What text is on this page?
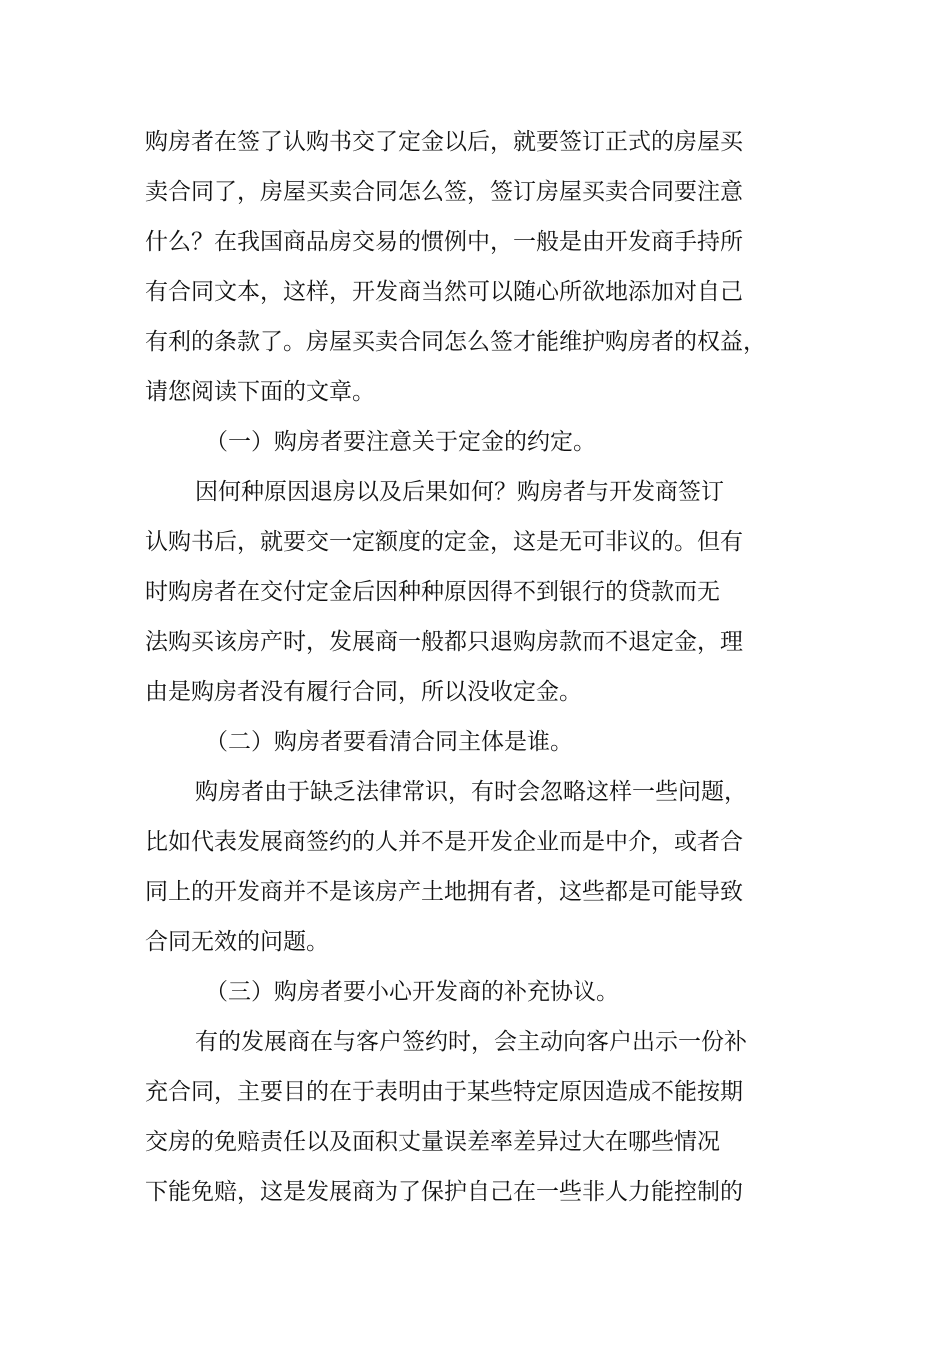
购房者在签了认购书交了定金以后，就要签订正式的房屋买
卖合同了，房屋买卖合同怎么签，签订房屋买卖合同要注意
什么？在我国商品房交易的惯例中，一般是由开发商手持所
有合同文本，这样，开发商当然可以随心所欲地添加对自己
有利的条款了。房屋买卖合同怎么签才能维护购房者的权益，
请您阅读下面的文章。
（一）购房者要注意关于定金的约定。
因何种原因退房以及后果如何？购房者与开发商签订
认购书后，就要交一定额度的定金，这是无可非议的。但有
时购房者在交付定金后因种种原因得不到银行的贷款而无
法购买该房产时，发展商一般都只退购房款而不退定金，理
由是购房者没有履行合同，所以没收定金。
（二）购房者要看清合同主体是谁。
购房者由于缺乏法律常识，有时会忽略这样一些问题，
比如代表发展商签约的人并不是开发企业而是中介，或者合
同上的开发商并不是该房产土地拥有者，这些都是可能导致
合同无效的问题。
（三）购房者要小心开发商的补充协议。
有的发展商在与客户签约时，会主动向客户出示一份补
充合同，主要目的在于表明由于某些特定原因造成不能按期
交房的免赔责任以及面积丈量误差率差异过大在哪些情况
下能免赔，这是发展商为了保护自己在一些非人力能控制的
